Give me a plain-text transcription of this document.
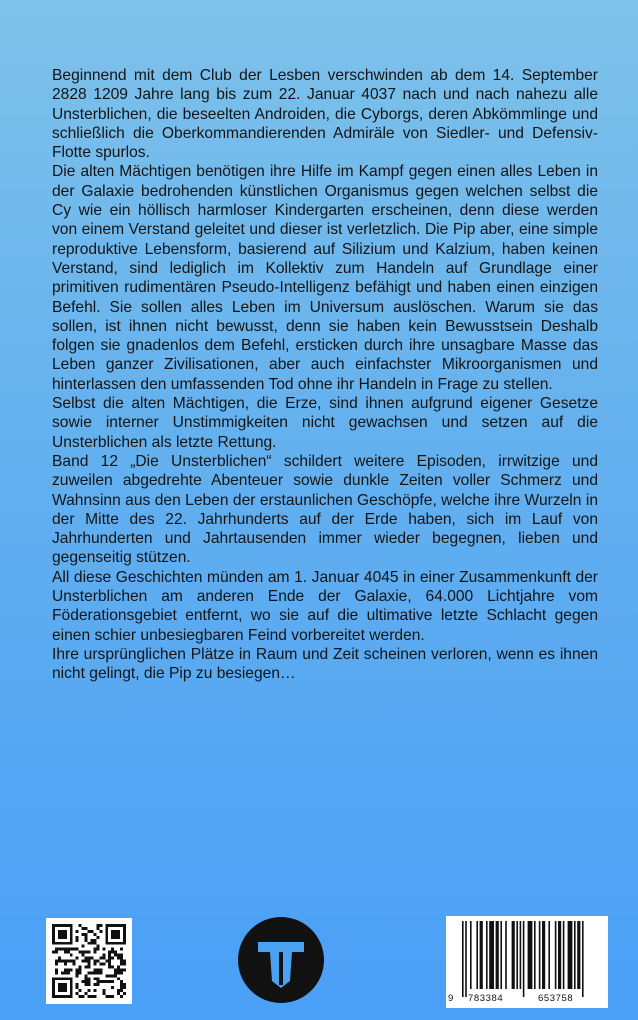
Beginnend mit dem Club der Lesben verschwinden ab dem 14. September 2828 1209 Jahre lang bis zum 22. Januar 4037 nach und nach nahezu alle Unsterblichen, die beseelten Androiden, die Cyborgs, deren Abkömmlinge und schließlich die Oberkommandierenden Admiräle von Siedler- und Defensiv-Flotte spurlos.

Die alten Mächtigen benötigen ihre Hilfe im Kampf gegen einen alles Leben in der Galaxie bedrohenden künstlichen Organismus gegen welchen selbst die Cy wie ein höllisch harmloser Kindergarten erscheinen, denn diese werden von einem Verstand geleitet und dieser ist verletzlich. Die Pip aber, eine simple reproduktive Lebensform, basierend auf Silizium und Kalzium, haben keinen Verstand, sind lediglich im Kollektiv zum Handeln auf Grundlage einer primitiven rudimentären Pseudo-Intelligenz befähigt und haben einen einzigen Befehl. Sie sollen alles Leben im Universum auslöschen. Warum sie das sollen, ist ihnen nicht bewusst, denn sie haben kein Bewusstsein Deshalb folgen sie gnadenlos dem Befehl, ersticken durch ihre unsagbare Masse das Leben ganzer Zivilisationen, aber auch einfachster Mikroorganismen und hinterlassen den umfassenden Tod ohne ihr Handeln in Frage zu stellen.

Selbst die alten Mächtigen, die Erze, sind ihnen aufgrund eigener Gesetze sowie interner Unstimmigkeiten nicht gewachsen und setzen auf die Unsterblichen als letzte Rettung.

Band 12 „Die Unsterblichen“ schildert weitere Episoden, irrwitzige und zuweilen abgedrehte Abenteuer sowie dunkle Zeiten voller Schmerz und Wahnsinn aus den Leben der erstaunlichen Geschöpfe, welche ihre Wurzeln in der Mitte des 22. Jahrhunderts auf der Erde haben, sich im Lauf von Jahrhunderten und Jahrtausenden immer wieder begegnen, lieben und gegenseitig stützen.

All diese Geschichten münden am 1. Januar 4045 in einer Zusammenkunft der Unsterblichen am anderen Ende der Galaxie, 64.000 Lichtjahre vom Föderationsgebiet entfernt, wo sie auf die ultimative letzte Schlacht gegen einen schier unbesiegbaren Feind vorbereitet werden.

Ihre ursprünglichen Plätze in Raum und Zeit scheinen verloren, wenn es ihnen nicht gelingt, die Pip zu besiegen…

9 783384	653758
